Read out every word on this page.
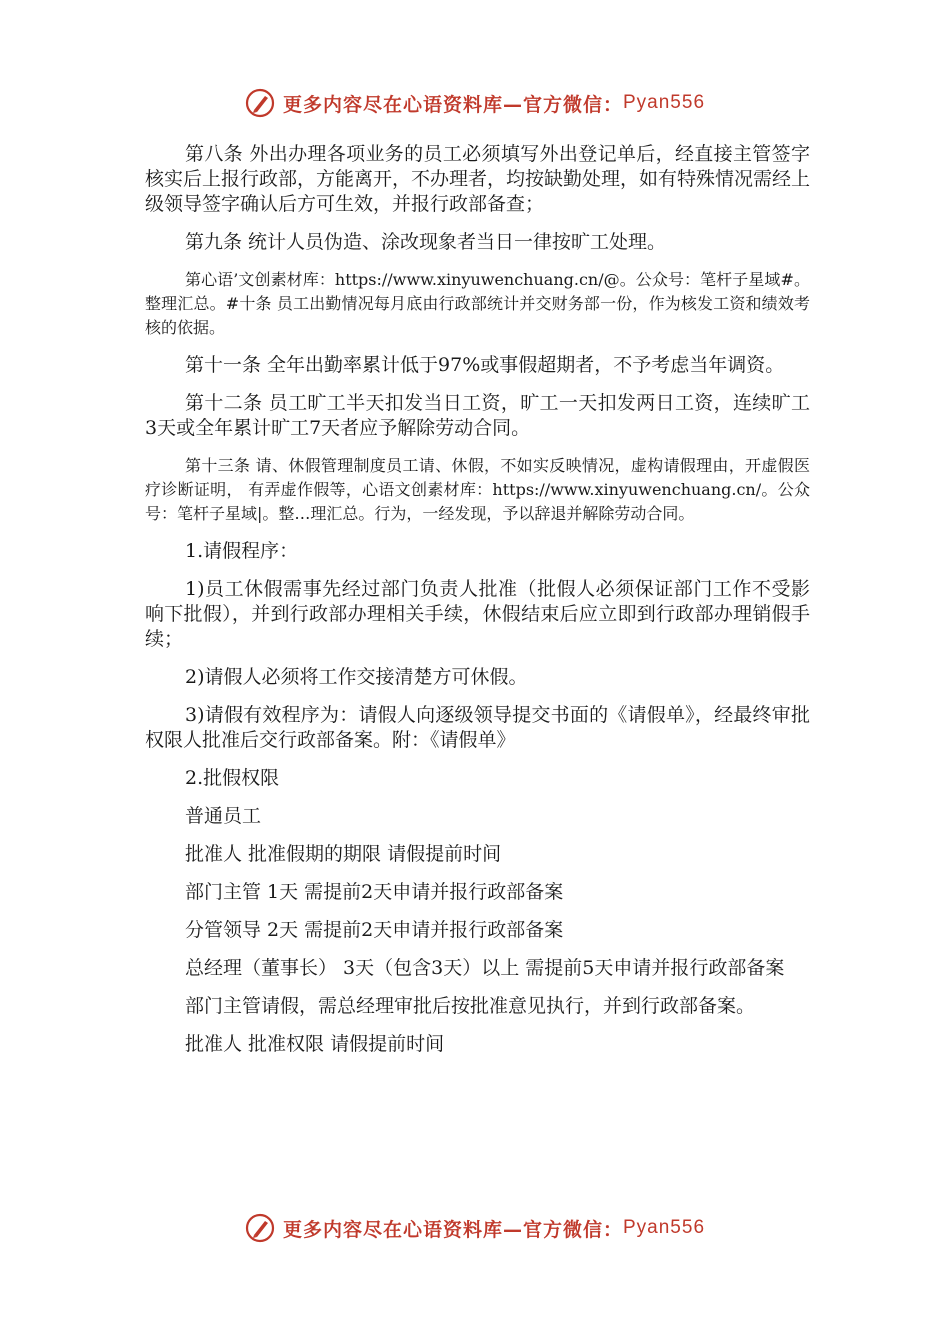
更多内容尽在心语资料库—官方微信： Pyan556

第八条 外出办理各项业务的员工必须填写外出登记单后，经直接主管签字核实后上报行政部，方能离开，不办理者，均按缺勤处理，如有特殊情况需经上级领导签字确认后方可生效，并报行政部备查；

第九条 统计人员伪造、涂改现象者当日一律按旷工处理。

第心语’文创素材库：https://www.xinyuwenchuang.cn/@。公众号：笔杆子星域#。整理汇总。#十条 员工出勤情况每月底由行政部统计并交财务部一份，作为核发工资和绩效考核的依据。

第十一条 全年出勤率累计低于97%或事假超期者，不予考虑当年调资。

第十二条 员工旷工半天扣发当日工资，旷工一天扣发两日工资，连续旷工3天或全年累计旷工7天者应予解除劳动合同。

第十三条 请、休假管理制度员工请、休假，不如实反映情况，虚构请假理由，开虚假医疗诊断证明， 有弄虚作假等，心语文创素材库：https://www.xinyuwenchuang.cn/。公众号：笔杆子星域|。整…理汇总。行为，一经发现，予以辞退并解除劳动合同。

1.请假程序：

1)员工休假需事先经过部门负责人批准（批假人必须保证部门工作不受影响下批假），并到行政部办理相关手续，休假结束后应立即到行政部办理销假手续；

2)请假人必须将工作交接清楚方可休假。

3)请假有效程序为：请假人向逐级领导提交书面的《请假单》，经最终审批权限人批准后交行政部备案。附：《请假单》

2.批假权限

普通员工

批准人 批准假期的期限 请假提前时间

部门主管 1天 需提前2天申请并报行政部备案

分管领导 2天 需提前2天申请并报行政部备案

总经理（董事长） 3天（包含3天）以上 需提前5天申请并报行政部备案

部门主管请假，需总经理审批后按批准意见执行，并到行政部备案。

批准人 批准权限 请假提前时间

更多内容尽在心语资料库—官方微信： Pyan556
